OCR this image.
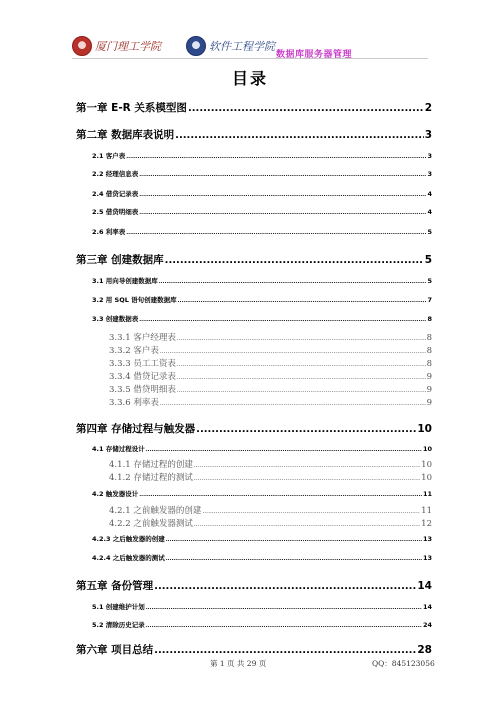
厦门理工学院	软件工程学院
数据库服务器管理
目录
第一章 E-R 关系模型图 .....	2
第二章 数据库表说明 .....	3
2.1 客户表 .....	3
2.2 经理信息表 .....	3
2.4 借贷记录表 .....	4
2.5 借贷明细表 .....	4
2.6 利率表 .....	5
第三章 创建数据库 .....	5
3.1 用向导创建数据库 .....	5
3.2 用 SQL 语句创建数据库 .....	7
3.3 创建数据表 .....	8
3.3.1 客户经理表 .....	8
3.3.2 客户表 .....	8
3.3.3 员工工资表 .....	8
3.3.4 借贷记录表 .....	9
3.3.5 借贷明细表 .....	9
3.3.6 利率表 .....	9
第四章 存储过程与触发器 .....	10
4.1 存储过程设计 .....	10
4.1.1 存储过程的创建 .....	10
4.1.2 存储过程的测试 .....	10
4.2 触发器设计 .....	11
4.2.1 之前触发器的创建 .....	11
4.2.2 之前触发器测试 .....	12
4.2.3 之后触发器的创建 .....	13
4.2.4 之后触发器的测试 .....	13
第五章 备份管理 .....	14
5.1 创建维护计划 .....	14
5.2 清除历史记录 .....	24
第六章 项目总结 .....	28
第 1 页 共 29 页	QQ：845123056
